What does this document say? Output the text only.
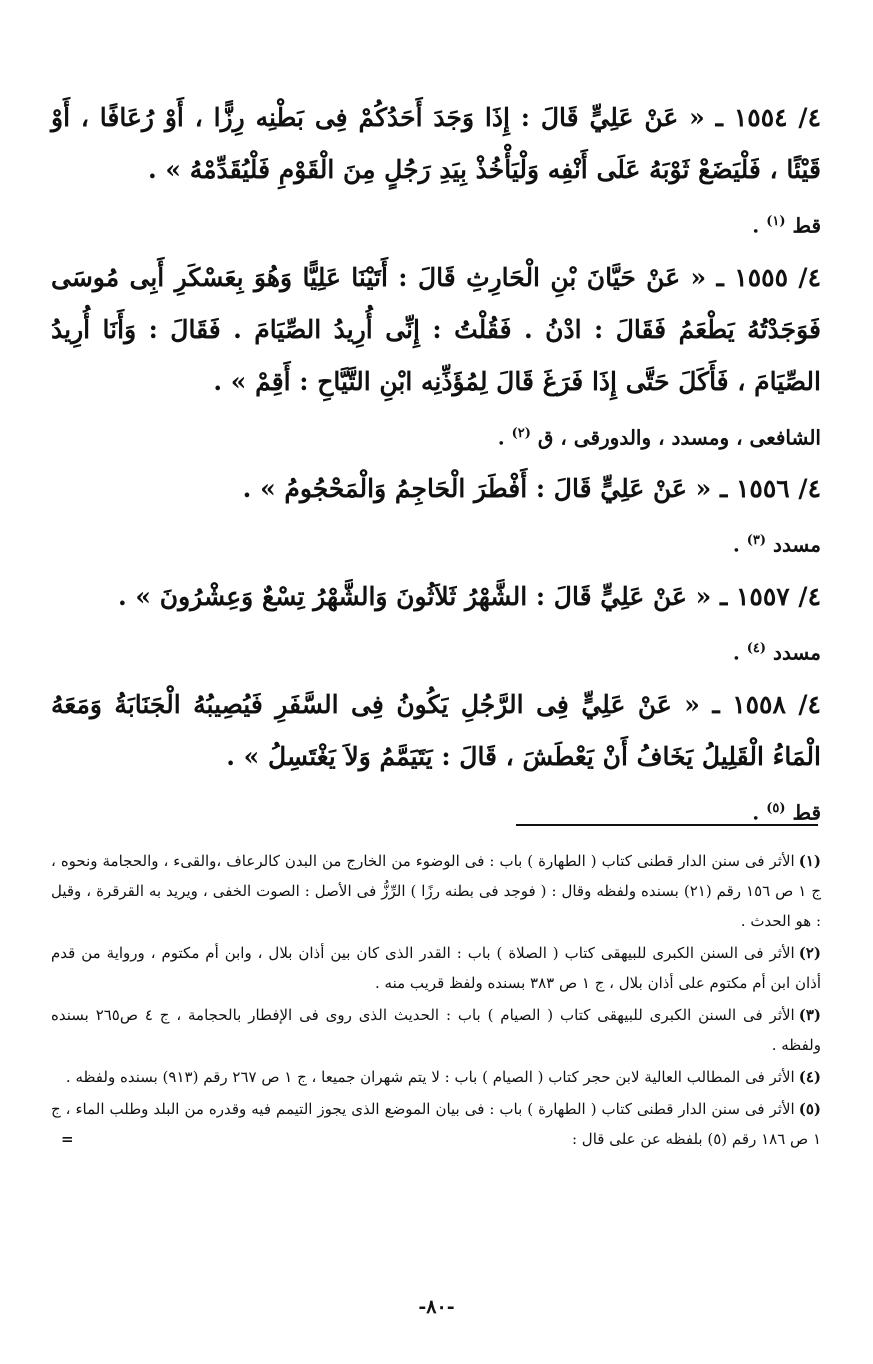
٤/ ١٥٥٤ ـ « عَنْ عَلِيٍّ قَالَ : إِذَا وَجَدَ أَحَدُكُمْ فِى بَطْنِه رِزًّا ، أَوْ رُعَافًا ، أَوْ قَيْئًا ، فَلْيَضَعْ ثَوْبَهُ عَلَى أَنْفِه وَلْيَأْخُذْ بِيَدِ رَجُلٍ مِنَ الْقَوْمِ فَلْيُقَدِّمْهُ » .

قط $^{(١)}$ .

٤/ ١٥٥٥ ـ « عَنْ حَيَّانَ بْنِ الْحَارِثِ قَالَ : أَتَيْنَا عَلِيًّا وَهُوَ بِعَسْكَرِ أَبِى مُوسَى فَوَجَدْتُهُ يَطْعَمُ فَقَالَ : ادْنُ . فَقُلْتُ : إِنِّى أُرِيدُ الصِّيَامَ . فَقَالَ : وَأَنَا أُرِيدُ الصِّيَامَ ، فَأَكَلَ حَتَّى إِذَا فَرَغَ قَالَ لِمُؤَذِّنِه ابْنِ التَّيَّاحِ : أَقِمْ » .

الشافعى ، ومسدد ، والدورقى ، ق $^{(٢)}$ .

٤/ ١٥٥٦ ـ « عَنْ عَلِيٍّ قَالَ : أَفْطَرَ الْحَاجِمُ وَالْمَحْجُومُ » .

مسدد $^{(٣)}$ .

٤/ ١٥٥٧ ـ « عَنْ عَلِيٍّ قَالَ : الشَّهْرُ ثَلاَثُونَ وَالشَّهْرُ تِسْعٌ وَعِشْرُونَ » .

مسدد $^{(٤)}$ .

٤/ ١٥٥٨ ـ « عَنْ عَلِيٍّ فِى الرَّجُلِ يَكُونُ فِى السَّفَرِ فَيُصِيبُهُ الْجَنَابَةُ وَمَعَهُ الْمَاءُ الْقَلِيلُ يَخَافُ أَنْ يَعْطَشَ ، قَالَ : يَتَيَمَّمُ وَلاَ يَغْتَسِلُ » .

قط $^{(٥)}$ .

(١)الأثر فى سنن الدار قطنى كتاب ( الطهارة ) باب : فى الوضوء من الخارج من البدن كالرعاف ،والقىء ، والحجامة ونحوه ، ج ١ ص ١٥٦ رقم (٢١) بسنده ولفظه وقال : ( فوجد فى بطنه رزًا ) الرِّزُّ فى الأصل : الصوت الخفى ، ويريد به القرقرة ، وقيل : هو الحدث .

(٢)الأثر فى السنن الكبرى للبيهقى كتاب ( الصلاة ) باب : القدر الذى كان بين أذان بلال ، وابن أم مكتوم ، ورواية من قدم أذان ابن أم مكتوم على أذان بلال ، ج ١ ص ٣٨٣ بسنده ولفظ قريب منه .

(٣)الأثر فى السنن الكبرى للبيهقى كتاب ( الصيام ) باب : الحديث الذى روى فى الإفطار بالحجامة ، ج ٤ ص٢٦٥ بسنده ولفظه .

(٤)الأثر فى المطالب العالية لابن حجر كتاب ( الصيام ) باب : لا يتم شهران جميعا ، ج ١ ص ٢٦٧ رقم (٩١٣) بسنده ولفظه .

(٥)الأثر فى سنن الدار قطنى كتاب ( الطهارة ) باب : فى بيان الموضع الذى يجوز التيمم فيه وقدره من البلد وطلب الماء ، ج ١ ص ١٨٦ رقم (٥) بلفظه عن على قال :
=

-٨٠-
